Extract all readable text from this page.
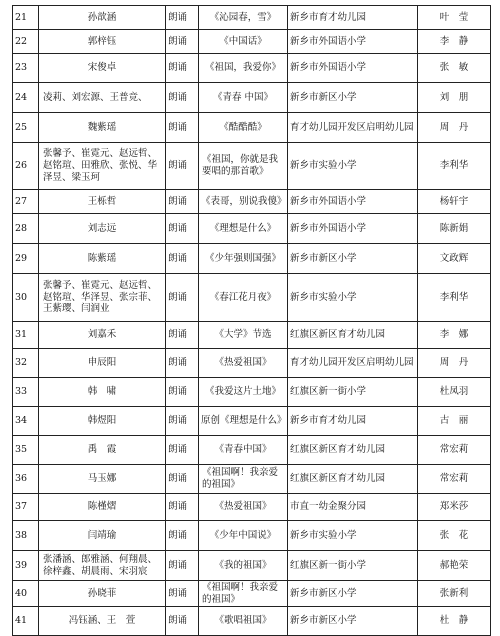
21	孙歆涵	朗诵	《沁园春，雪》	新乡市育才幼儿园	叶　莹
22	郭梓钰	朗诵	《中国话》	新乡市外国语小学	李　静
23	宋俊卓	朗诵	《祖国，我爱你》	新乡市外国语小学	张　敏
24	凌莉、刘宏源、王普竞、	朗诵	《青春 中国》	新乡市新区小学	刘　朋
25	魏紫瑶	朗诵	《酷酷酷》	育才幼儿园开发区启明幼儿园	周　丹
26	张馨予、崔霓元、赵远哲、赵铭瑄、田雅欣、张悦、华泽昱、梁玉珂	朗诵	《祖国，你就是我要唱的那首歌》	新乡市实验小学	李利华
27	王栎哲	朗诵	《表哥，别说我傻》	新乡市外国语小学	杨轩宇
28	刘志远	朗诵	《理想是什么》	新乡市外国语小学	陈新娟
29	陈紫瑶	朗诵	《少年强则国强》	新乡市新区小学	文政辉
30	张馨予、崔霓元、赵远哲、赵铭瑄、华泽昱、张宗菲、王紫璎、闫润业	朗诵	《春江花月夜》	新乡市实验小学	李利华
31	刘嘉禾	朗诵	《大学》节选	红旗区新区育才幼儿园	李　娜
32	申辰阳	朗诵	《热爱祖国》	育才幼儿园开发区启明幼儿园	周　丹
33	韩　啸	朗诵	《我爱这片土地》	红旗区新一街小学	杜凤羽
34	韩煜阳	朗诵	原创《理想是什么》	新乡市育才幼儿园	古　丽
35	禹　霞	朗诵	《青春中国》	红旗区新区育才幼儿园	常宏莉
36	马玉娜	朗诵	《祖国啊！我亲爱的祖国》	红旗区新区育才幼儿园	常宏莉
37	陈槿熠	朗诵	《热爱祖国》	市直一幼金聚分园	郑米莎
38	闫靖瑜	朗诵	《少年中国说》	新乡市实验小学	张　花
39	张潘涵、郎雅涵、何翔晨、徐梓鑫、胡晨雨、宋羽宸	朗诵	《我的祖国》	红旗区新一街小学	郝艳荣
40	孙晓菲	朗诵	《祖国啊！我亲爱的祖国》	新乡市新区小学	张新利
41	冯钰涵、王　萱	朗诵	《歌唱祖国》	新乡市新区小学	杜　静
